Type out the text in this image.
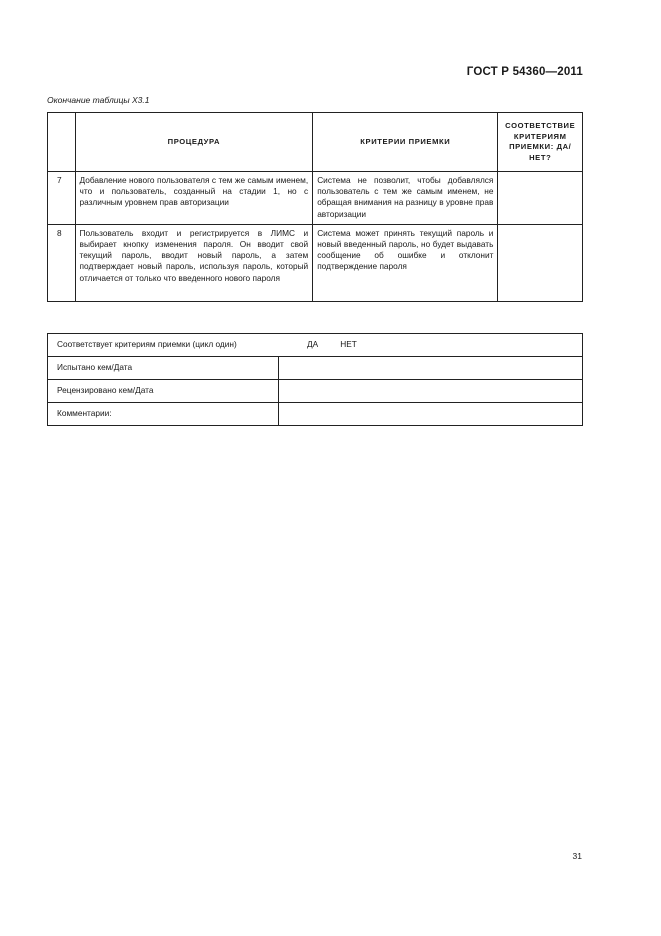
ГОСТ Р 54360—2011
Окончание таблицы Х3.1
	ПРОЦЕДУРА	КРИТЕРИИ ПРИЕМКИ	СООТВЕТСТВИЕ КРИТЕРИЯМ ПРИЕМКИ: ДА/НЕТ?
7	Добавление нового пользователя с тем же самым именем, что и пользователь, созданный на стадии 1, но с различным уровнем прав авторизации	Система не позволит, чтобы добавлялся пользователь с тем же самым именем, не обращая внимания на разницу в уровне прав авторизации	
8	Пользователь входит и регистрируется в ЛИМС и выбирает кнопку изменения пароля. Он вводит свой текущий пароль, вводит новый пароль, а затем подтверждает новый пароль, используя пароль, который отличается от только что введенного нового пароля	Система может принять текущий пароль и новый введенный пароль, но будет выдавать сообщение об ошибке и отклонит подтверждение пароля	
Соответствует критериям приемки (цикл один) ДА НЕТ	
Испытано кем/Дата	
Рецензировано кем/Дата	
Комментарии:	
31
